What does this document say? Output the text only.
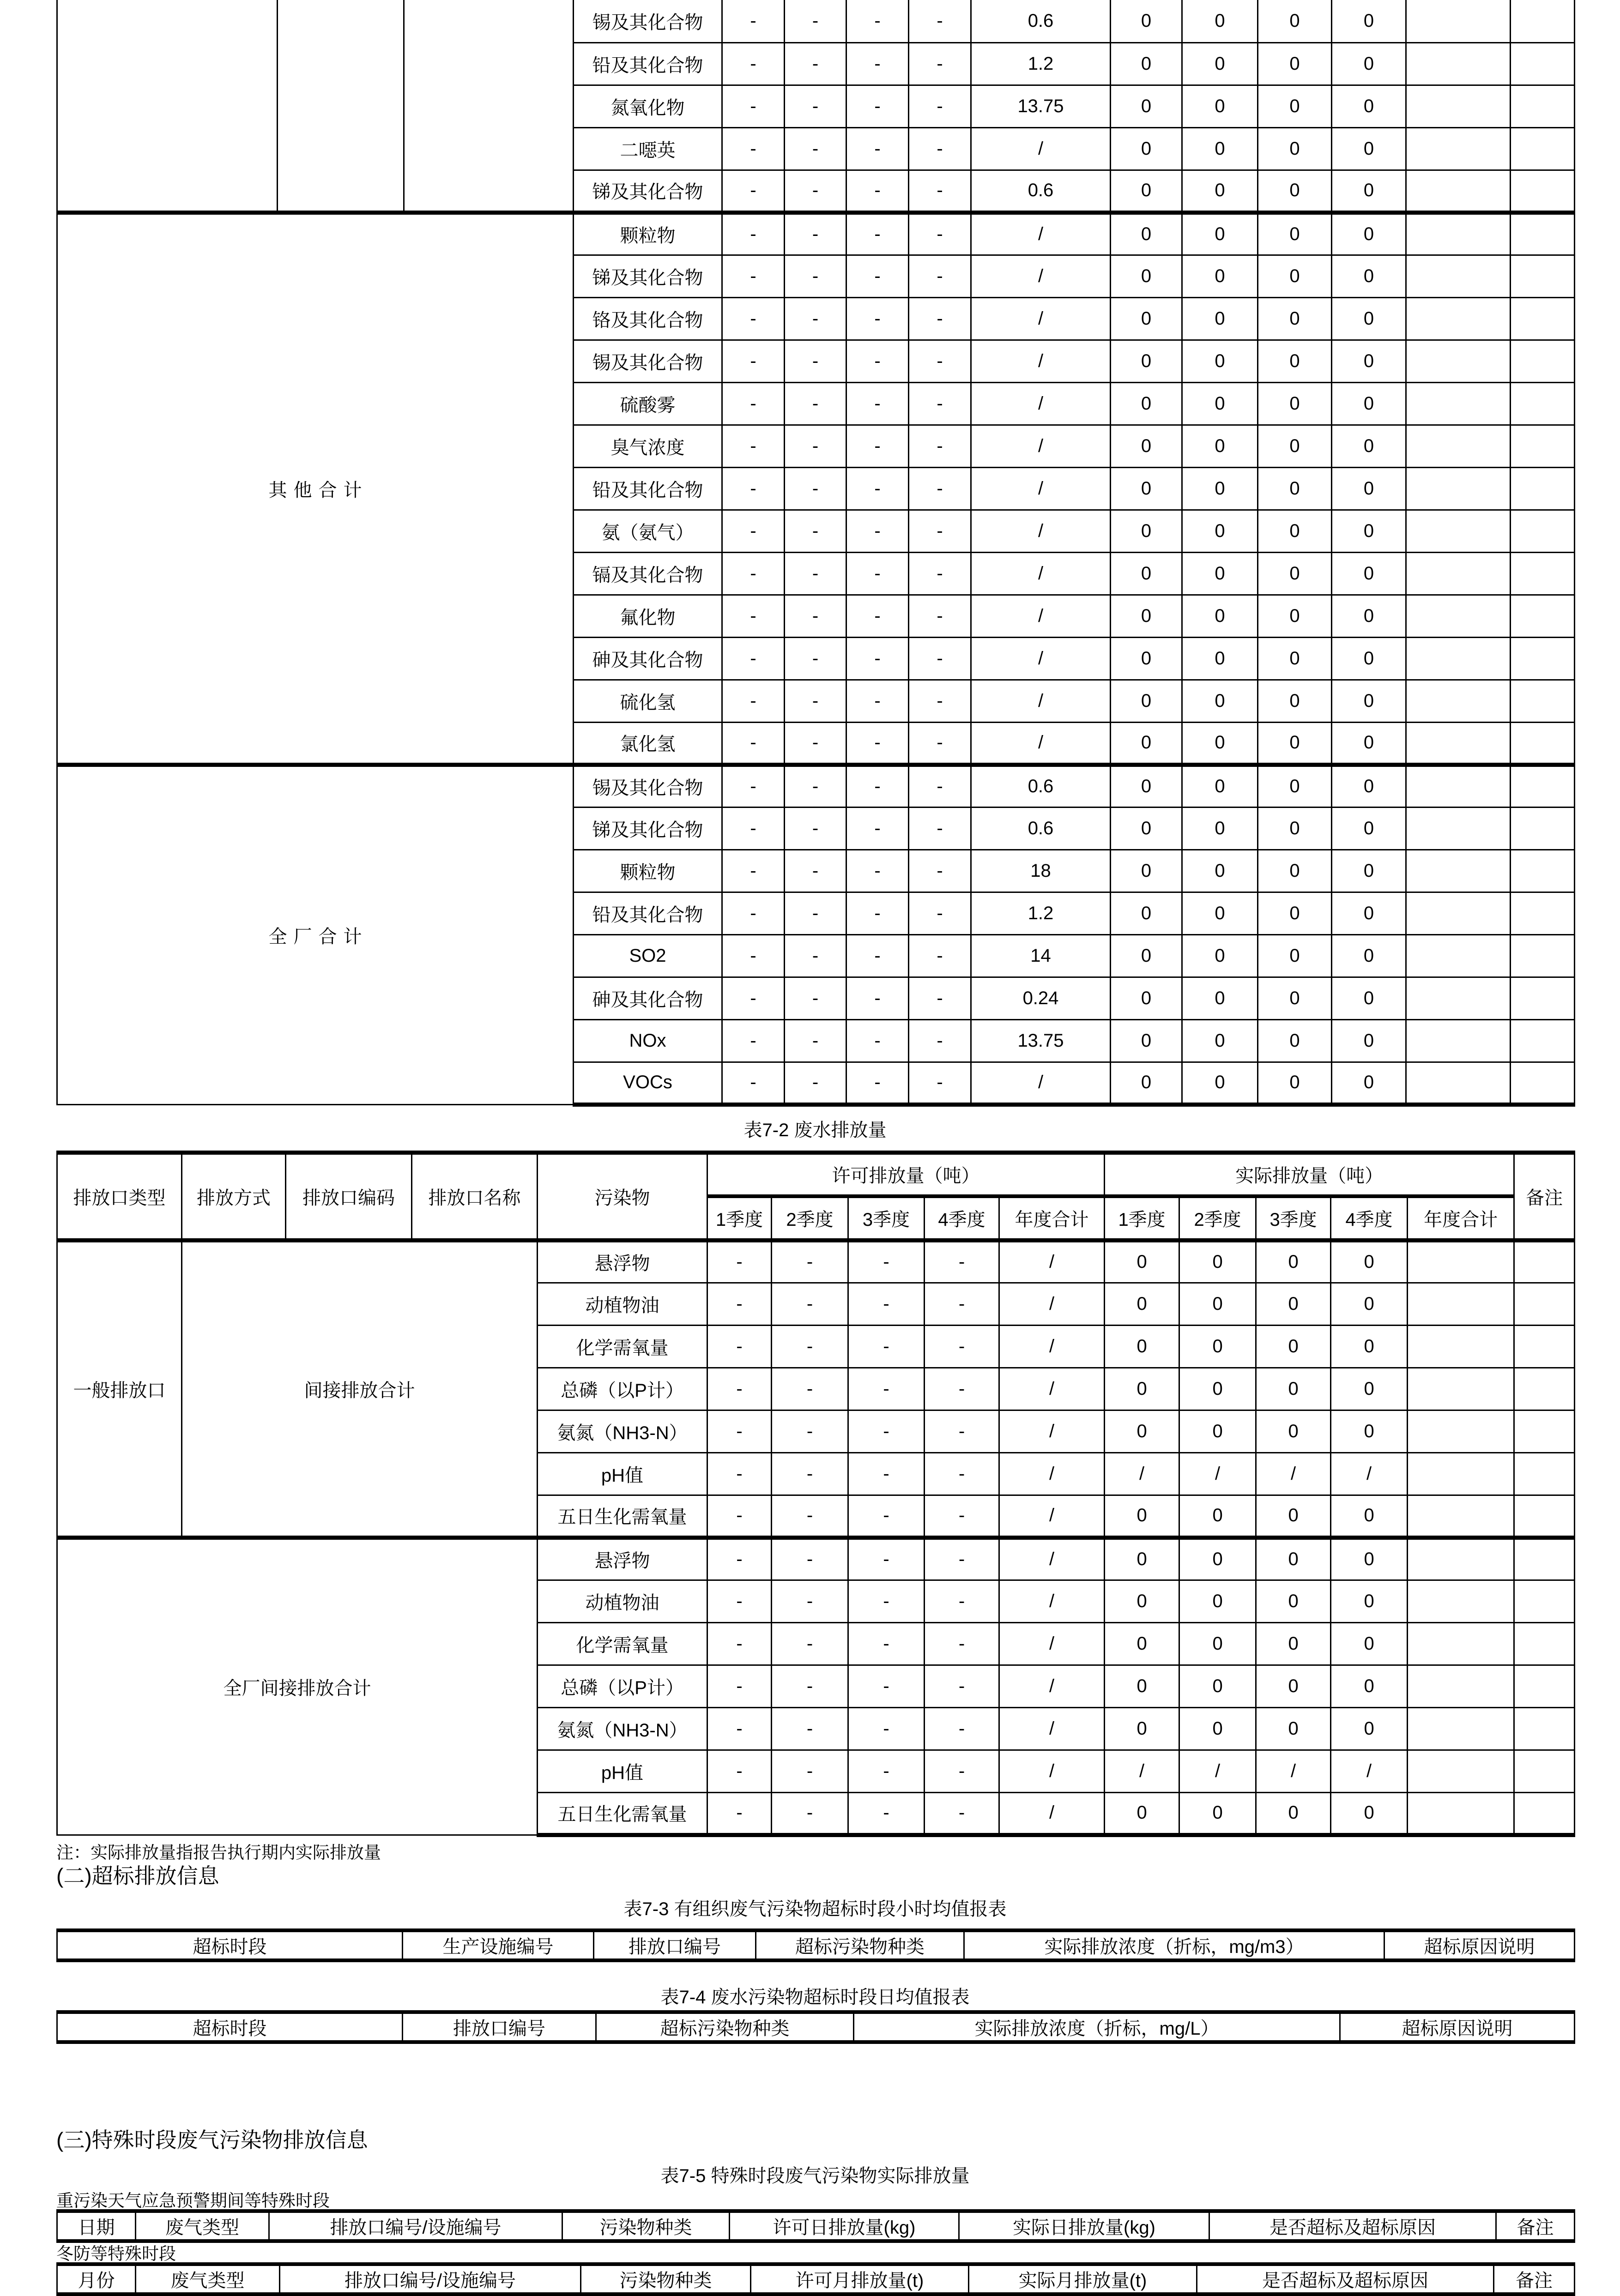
			锡及其化合物	-	-	-	-	0.6	0	0	0	0		
			铅及其化合物	-	-	-	-	1.2	0	0	0	0		
			氮氧化物	-	-	-	-	13.75	0	0	0	0		
			二噁英	-	-	-	-	/	0	0	0	0		
			锑及其化合物	-	-	-	-	0.6	0	0	0	0		
其他合计			颗粒物	-	-	-	-	/	0	0	0	0		
			锑及其化合物	-	-	-	-	/	0	0	0	0		
			铬及其化合物	-	-	-	-	/	0	0	0	0		
			锡及其化合物	-	-	-	-	/	0	0	0	0		
			硫酸雾	-	-	-	-	/	0	0	0	0		
			臭气浓度	-	-	-	-	/	0	0	0	0		
			铅及其化合物	-	-	-	-	/	0	0	0	0		
			氨（氨气）	-	-	-	-	/	0	0	0	0		
			镉及其化合物	-	-	-	-	/	0	0	0	0		
			氟化物	-	-	-	-	/	0	0	0	0		
			砷及其化合物	-	-	-	-	/	0	0	0	0		
			硫化氢	-	-	-	-	/	0	0	0	0		
			氯化氢	-	-	-	-	/	0	0	0	0		
全厂合计			锡及其化合物	-	-	-	-	0.6	0	0	0	0		
			锑及其化合物	-	-	-	-	0.6	0	0	0	0		
			颗粒物	-	-	-	-	18	0	0	0	0		
			铅及其化合物	-	-	-	-	1.2	0	0	0	0		
			SO2	-	-	-	-	14	0	0	0	0		
			砷及其化合物	-	-	-	-	0.24	0	0	0	0		
			NOx	-	-	-	-	13.75	0	0	0	0		
			VOCs	-	-	-	-	/	0	0	0	0		
表7-2 废水排放量
排放口类型	排放方式	排放口编码	排放口名称	污染物	许可排放量（吨）					实际排放量（吨）					备注
					1季度	2季度	3季度	4季度	年度合计	1季度	2季度	3季度	4季度	年度合计	
一般排放口	间接排放合计			悬浮物	-	-	-	-	/	0	0	0	0		
				动植物油	-	-	-	-	/	0	0	0	0		
				化学需氧量	-	-	-	-	/	0	0	0	0		
				总磷（以P计）	-	-	-	-	/	0	0	0	0		
				氨氮（NH3-N）	-	-	-	-	/	0	0	0	0		
				pH值	-	-	-	-	/	/	/	/	/		
				五日生化需氧量	-	-	-	-	/	0	0	0	0		
全厂间接排放合计				悬浮物	-	-	-	-	/	0	0	0	0		
				动植物油	-	-	-	-	/	0	0	0	0		
				化学需氧量	-	-	-	-	/	0	0	0	0		
				总磷（以P计）	-	-	-	-	/	0	0	0	0		
				氨氮（NH3-N）	-	-	-	-	/	0	0	0	0		
				pH值	-	-	-	-	/	/	/	/	/		
				五日生化需氧量	-	-	-	-	/	0	0	0	0		
注：实际排放量指报告执行期内实际排放量
(二)超标排放信息
表7-3 有组织废气污染物超标时段小时均值报表
超标时段	生产设施编号	排放口编号	超标污染物种类	实际排放浓度（折标，mg/m3）	超标原因说明
表7-4 废水污染物超标时段日均值报表
超标时段	排放口编号	超标污染物种类	实际排放浓度（折标，mg/L）	超标原因说明
(三)特殊时段废气污染物排放信息
表7-5 特殊时段废气污染物实际排放量
重污染天气应急预警期间等特殊时段
日期	废气类型	排放口编号/设施编号	污染物种类	许可日排放量(kg)	实际日排放量(kg)	是否超标及超标原因	备注
冬防等特殊时段
月份	废气类型	排放口编号/设施编号	污染物种类	许可月排放量(t)	实际月排放量(t)	是否超标及超标原因	备注
